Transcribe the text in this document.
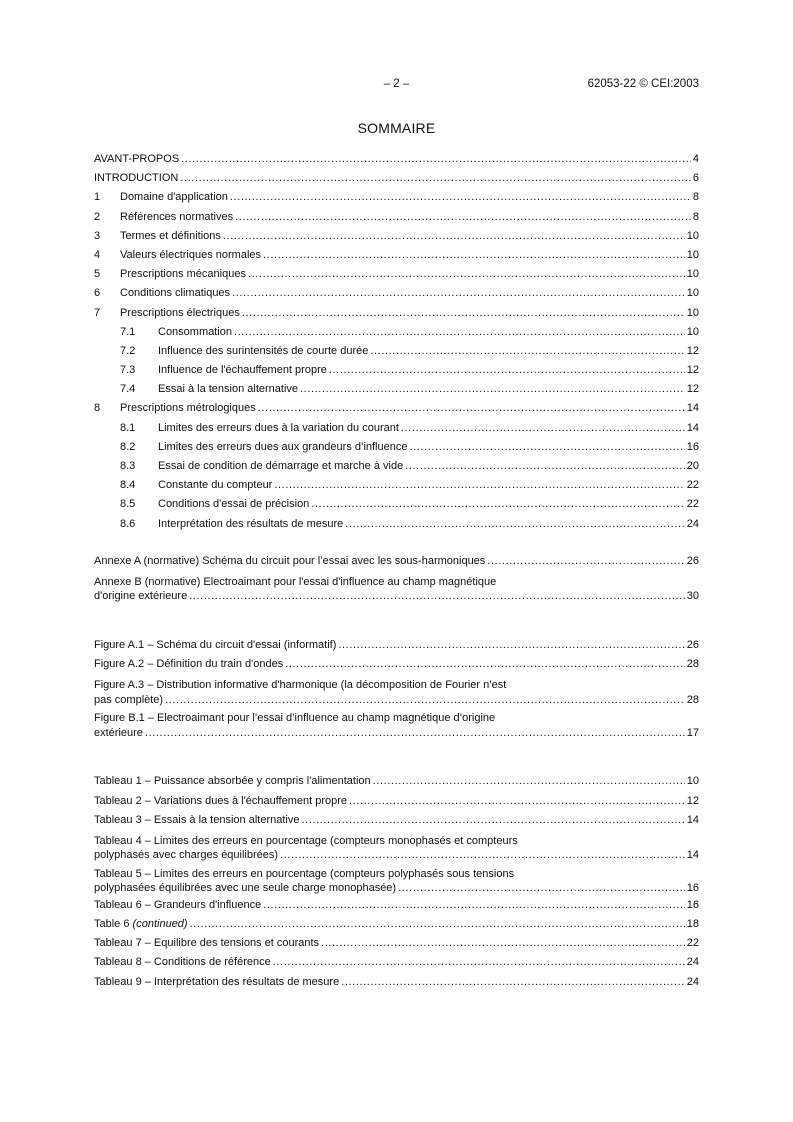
– 2 –	62053-22 © CEI:2003
SOMMAIRE
AVANT-PROPOS .....	4
INTRODUCTION .....	6
1	Domaine d'application .....	8
2	Références normatives .....	8
3	Termes et définitions .....	10
4	Valeurs électriques normales .....	10
5	Prescriptions mécaniques .....	10
6	Conditions climatiques .....	10
7	Prescriptions électriques .....	10
7.1	Consommation .....	10
7.2	Influence des surintensités de courte durée .....	12
7.3	Influence de l'échauffement propre .....	12
7.4	Essai à la tension alternative .....	12
8	Prescriptions métrologiques .....	14
8.1	Limites des erreurs dues à la variation du courant .....	14
8.2	Limites des erreurs dues aux grandeurs d’influence .....	16
8.3	Essai de condition de démarrage et marche à vide .....	20
8.4	Constante du compteur .....	22
8.5	Conditions d'essai de précision .....	22
8.6	Interprétation des résultats de mesure .....	24
Annexe A (normative) Schéma du circuit pour l’essai avec les sous-harmoniques .....	26
Annexe B (normative) Electroaimant pour l'essai d'influence au champ magnétique
d'origine extérieure .....	30
Figure A.1 – Schéma du circuit d'essai (informatif) .....	26
Figure A.2 – Définition du train d'ondes .....	28
Figure A.3 – Distribution informative d'harmonique (la décomposition de Fourier n’est
pas complète) .....	28
Figure B.1 – Electroaimant pour l’essai d’influence au champ magnétique d’origine
extérieure .....	17
Tableau 1 – Puissance absorbée y compris l'alimentation .....	10
Tableau 2 – Variations dues à l'échauffement propre .....	12
Tableau 3 – Essais à la tension alternative .....	14
Tableau 4 – Limites des erreurs en pourcentage (compteurs monophasés et compteurs
polyphasés avec charges équilibrées) .....	14
Tableau 5 – Limites des erreurs en pourcentage (compteurs polyphasés sous tensions
polyphasées équilibrées avec une seule charge monophasée) .....	16
Tableau 6 – Grandeurs d'influence .....	16
Table 6 (continued) .....	18
Tableau 7 – Equilibre des tensions et courants .....	22
Tableau 8 – Conditions de référence .....	24
Tableau 9 – Interprétation des résultats de mesure .....	24
